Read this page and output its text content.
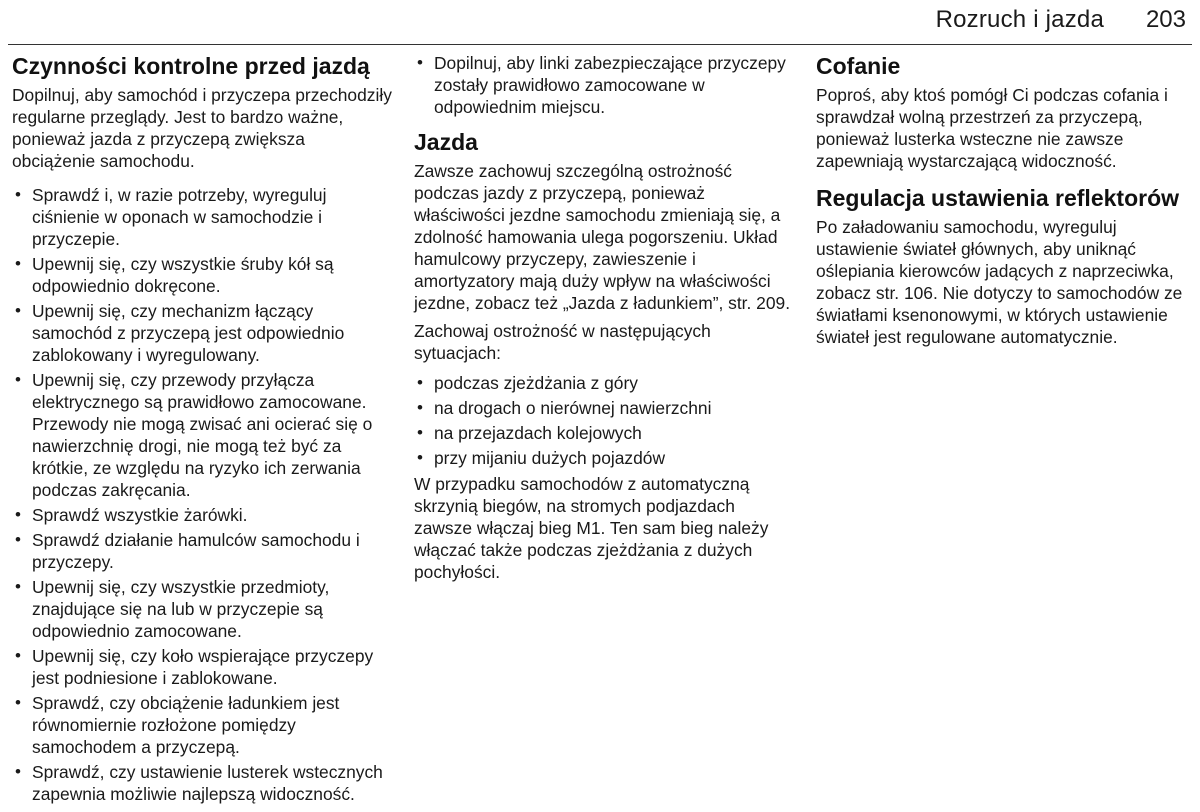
Rozruch i jazda 203
Czynności kontrolne przed jazdą

Dopilnuj, aby samochód i przyczepa przechodziły regularne przeglądy. Jest to bardzo ważne, ponieważ jazda z przyczepą zwiększa obciążenie samochodu.

• Sprawdź i, w razie potrzeby, wyreguluj ciśnienie w oponach w samochodzie i przyczepie.
• Upewnij się, czy wszystkie śruby kół są odpowiednio dokręcone.
• Upewnij się, czy mechanizm łączący samochód z przyczepą jest odpowiednio zablokowany i wyregulowany.
• Upewnij się, czy przewody przyłącza elektrycznego są prawidłowo zamocowane. Przewody nie mogą zwisać ani ocierać się o nawierzchnię drogi, nie mogą też być za krótkie, ze względu na ryzyko ich zerwania podczas zakręcania.
• Sprawdź wszystkie żarówki.
• Sprawdź działanie hamulców samochodu i przyczepy.
• Upewnij się, czy wszystkie przedmioty, znajdujące się na lub w przyczepie są odpowiednio zamocowane.
• Upewnij się, czy koło wspierające przyczepy jest podniesione i zablokowane.
• Sprawdź, czy obciążenie ładunkiem jest równomiernie rozłożone pomiędzy samochodem a przyczepą.
• Sprawdź, czy ustawienie lusterek wstecznych zapewnia możliwie najlepszą widoczność.
• Dopilnuj, aby linki zabezpieczające przyczepy zostały prawidłowo zamocowane w odpowiednim miejscu.
Jazda

Zawsze zachowuj szczególną ostrożność podczas jazdy z przyczepą, ponieważ właściwości jezdne samochodu zmieniają się, a zdolność hamowania ulega pogorszeniu. Układ hamulcowy przyczepy, zawieszenie i amortyzatory mają duży wpływ na właściwości jezdne, zobacz też „Jazda z ładunkiem”, str. 209.

Zachowaj ostrożność w następujących sytuacjach:

• podczas zjeżdżania z góry
• na drogach o nierównej nawierzchni
• na przejazdach kolejowych
• przy mijaniu dużych pojazdów

W przypadku samochodów z automatyczną skrzynią biegów, na stromych podjazdach zawsze włączaj bieg M1. Ten sam bieg należy włączać także podczas zjeżdżania z dużych pochyłości.

Cofanie

Poproś, aby ktoś pomógł Ci podczas cofania i sprawdzał wolną przestrzeń za przyczepą, ponieważ lusterka wsteczne nie zawsze zapewniają wystarczającą widoczność.

Regulacja ustawienia reflektorów

Po załadowaniu samochodu, wyreguluj ustawienie świateł głównych, aby uniknąć oślepiania kierowców jadących z naprzeciwka, zobacz str. 106. Nie dotyczy to samochodów ze światłami ksenonowymi, w których ustawienie świateł jest regulowane automatycznie.
